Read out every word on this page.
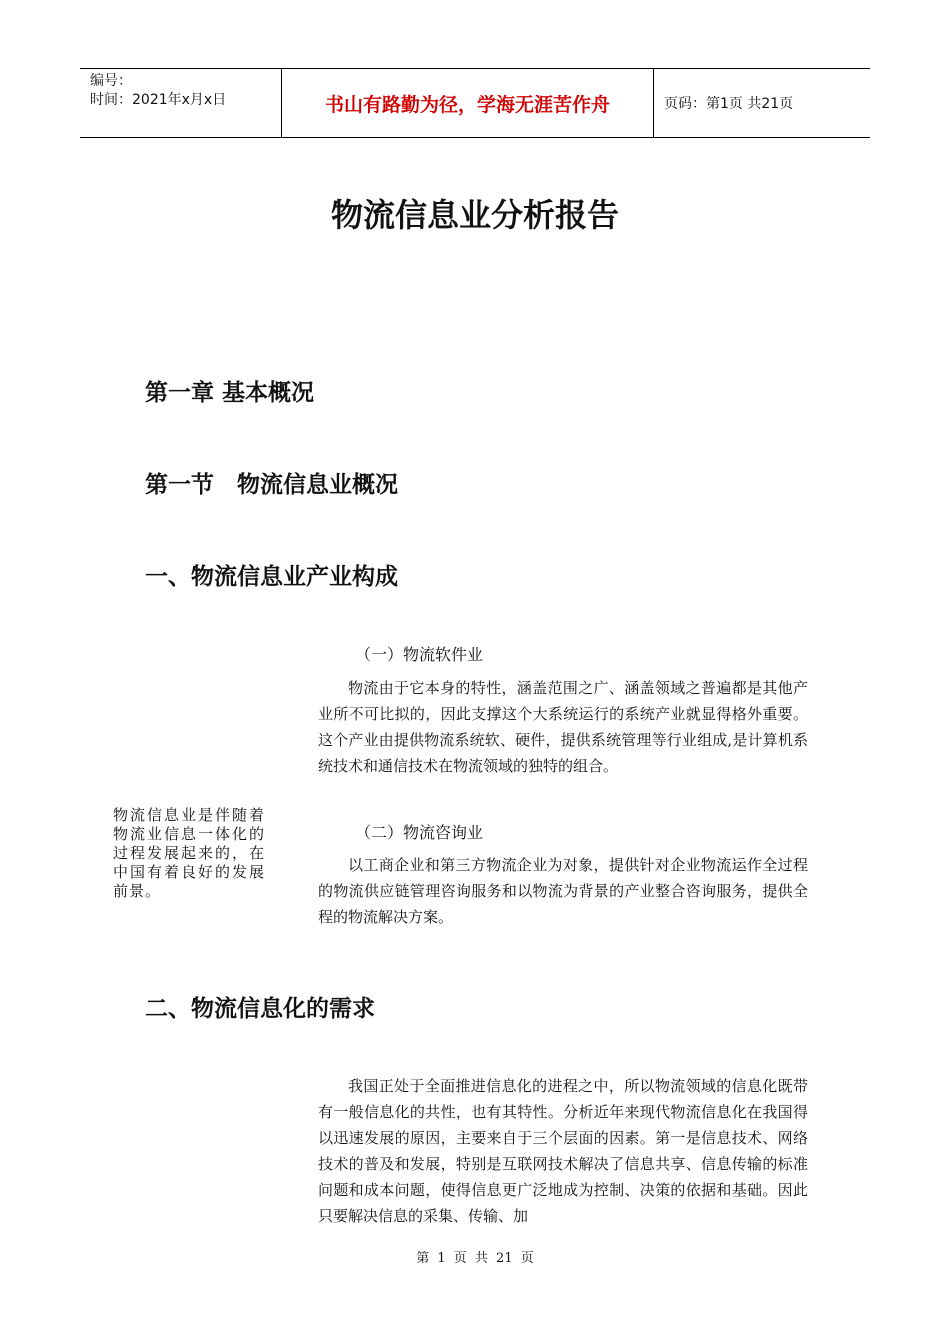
编号：
时间：2021年x月x日	书山有路勤为径，学海无涯苦作舟	页码：第1页 共21页
物流信息业分析报告
第一章 基本概况
第一节　物流信息业概况
一、物流信息业产业构成
（一）物流软件业

物流由于它本身的特性，涵盖范围之广、涵盖领域之普遍都是其他产业所不可比拟的，因此支撑这个大系统运行的系统产业就显得格外重要。这个产业由提供物流系统软、硬件，提供系统管理等行业组成,是计算机系统技术和通信技术在物流领域的独特的组合。

物流信息业是伴随着物流业信息一体化的过程发展起来的，在中国有着良好的发展前景。
（二）物流咨询业

以工商企业和第三方物流企业为对象，提供针对企业物流运作全过程的物流供应链管理咨询服务和以物流为背景的产业整合咨询服务，提供全程的物流解决方案。

二、物流信息化的需求

我国正处于全面推进信息化的进程之中，所以物流领域的信息化既带有一般信息化的共性，也有其特性。分析近年来现代物流信息化在我国得以迅速发展的原因，主要来自于三个层面的因素。第一是信息技术、网络技术的普及和发展，特别是互联网技术解决了信息共享、信息传输的标准问题和成本问题，使得信息更广泛地成为控制、决策的依据和基础。因此只要解决信息的采集、传输、加

第 1 页 共 21 页
